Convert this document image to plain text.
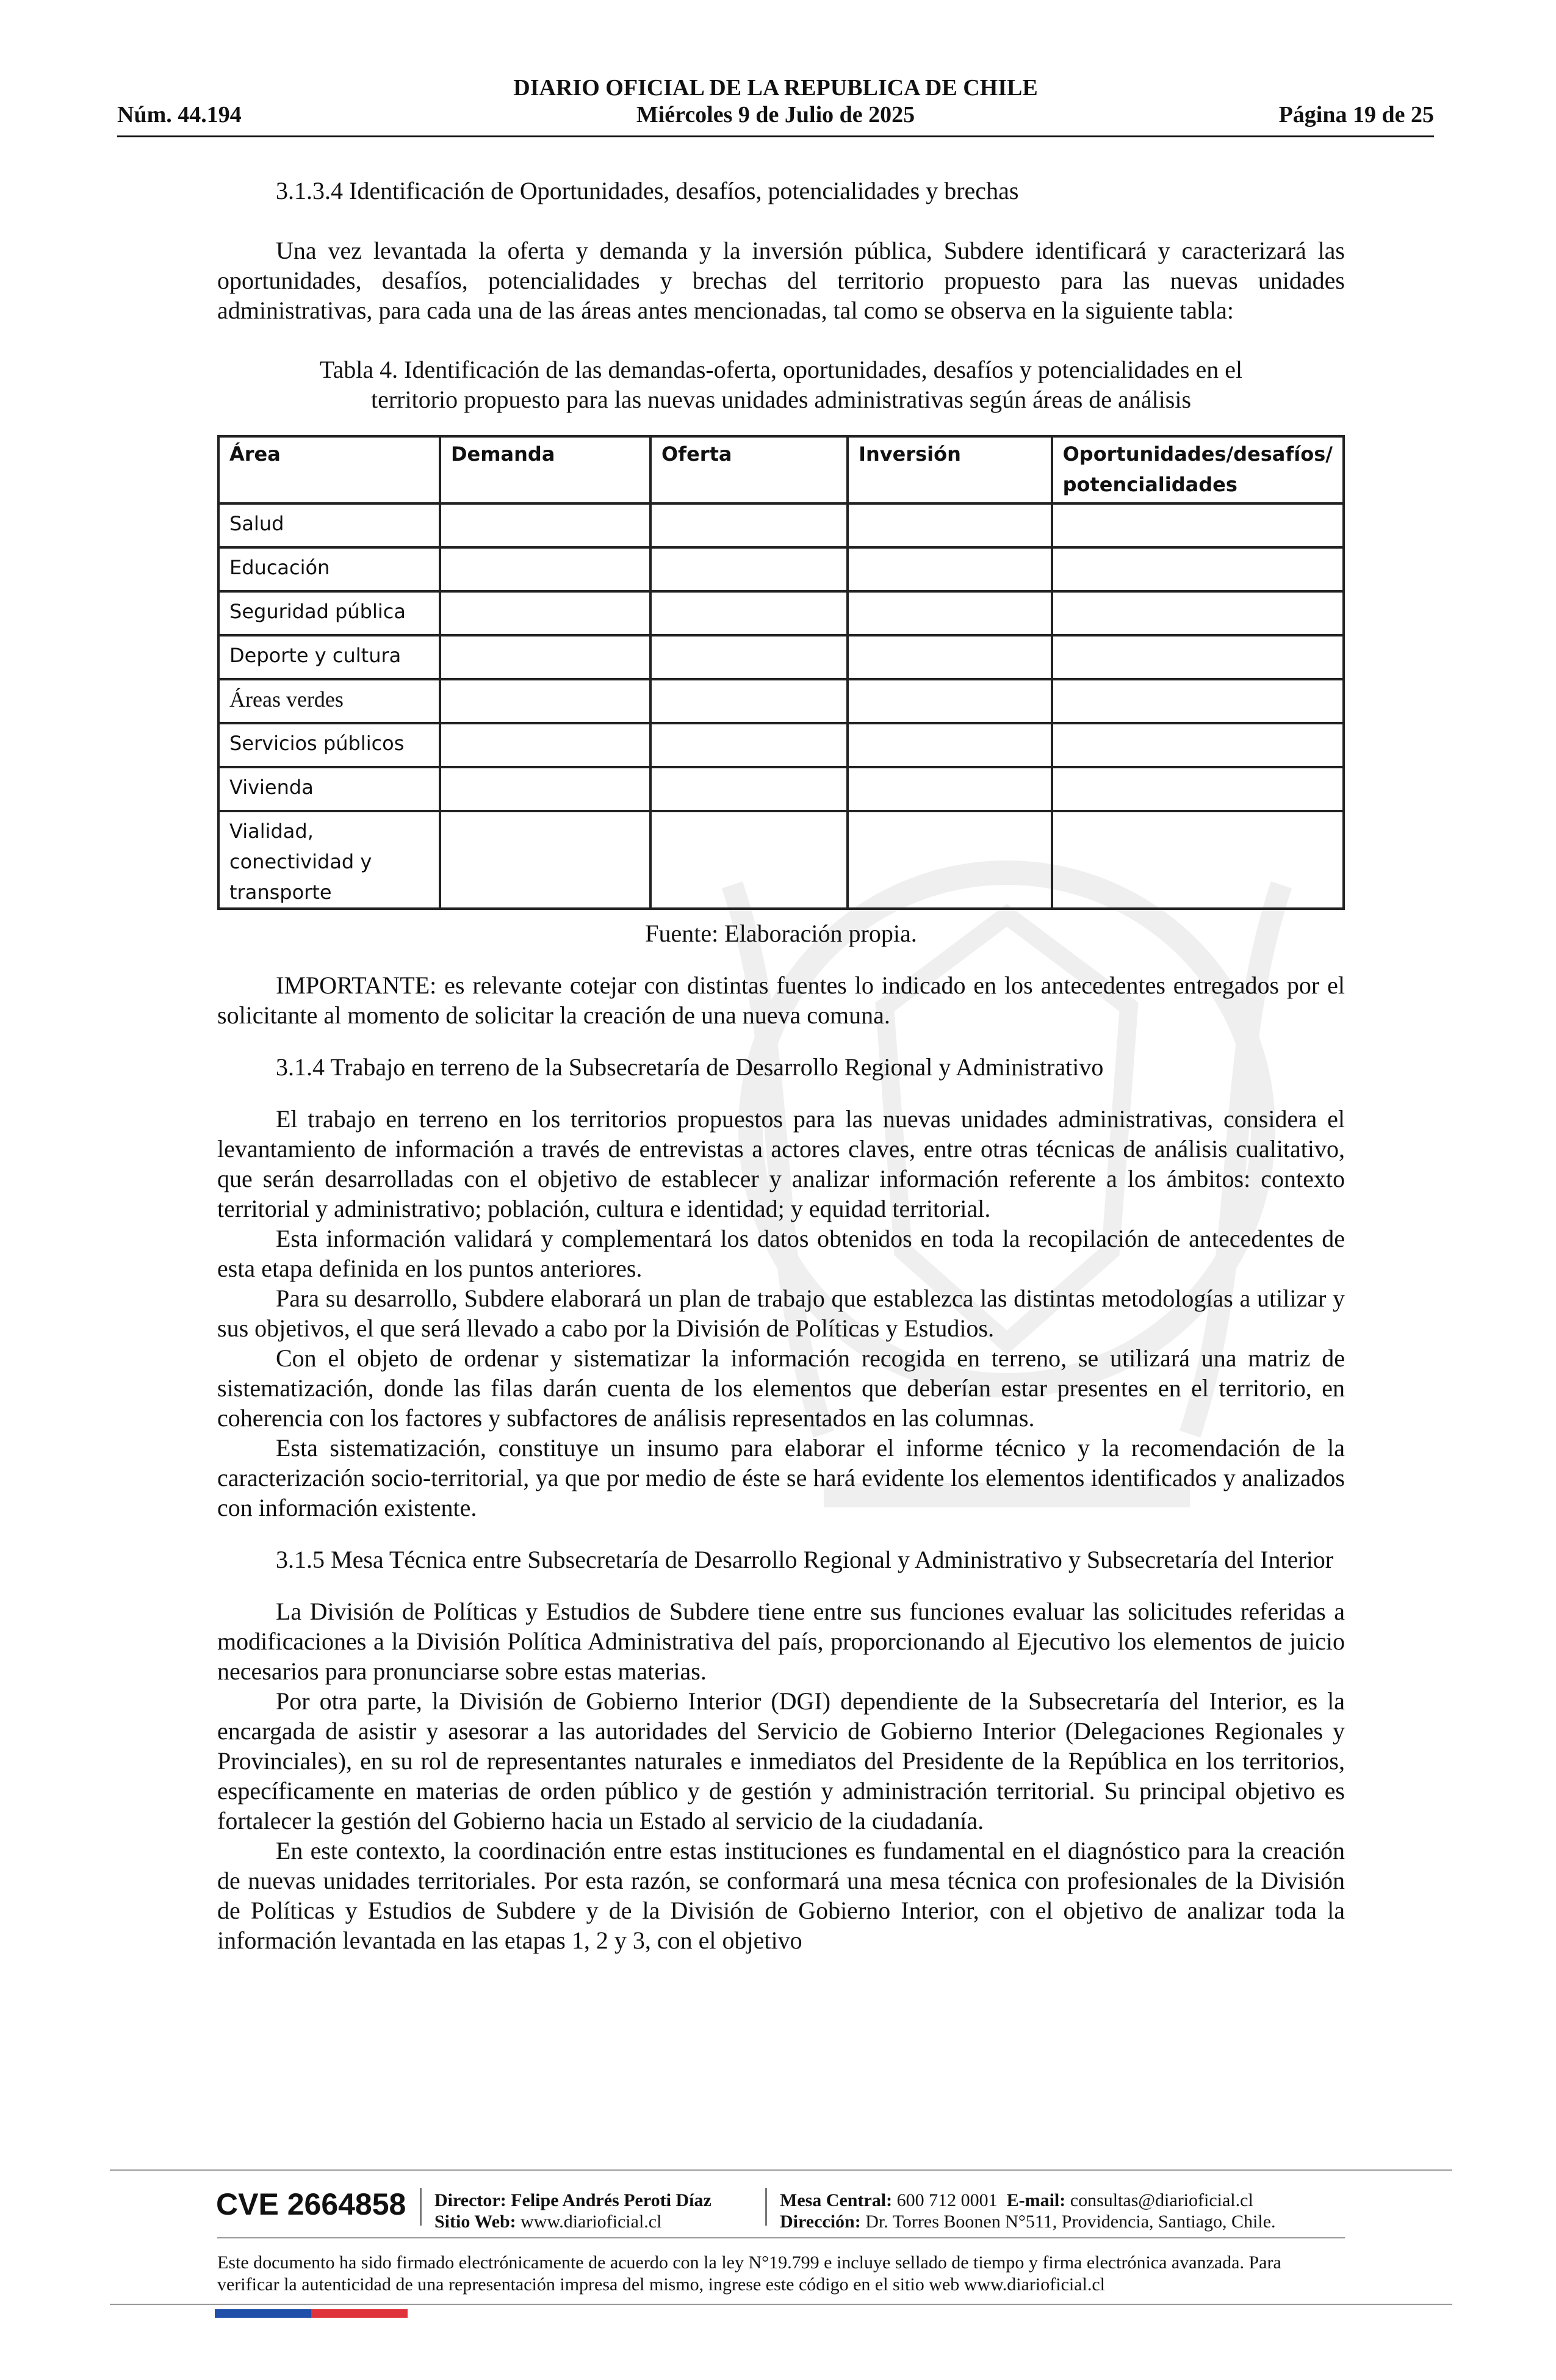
DIARIO OFICIAL DE LA REPUBLICA DE CHILE
Miércoles 9 de Julio de 2025
Núm. 44.194	Página 19 de 25

3.1.3.4 Identificación de Oportunidades, desafíos, potencialidades y brechas

Una vez levantada la oferta y demanda y la inversión pública, Subdere identificará y caracterizará las oportunidades, desafíos, potencialidades y brechas del territorio propuesto para las nuevas unidades administrativas, para cada una de las áreas antes mencionadas, tal como se observa en la siguiente tabla:

Tabla 4. Identificación de las demandas-oferta, oportunidades, desafíos y potencialidades en el
territorio propuesto para las nuevas unidades administrativas según áreas de análisis
Área	Demanda	Oferta	Inversión	Oportunidades/desafíos/ potencialidades
Salud				
Educación				
Seguridad pública				
Deporte y cultura				
Áreas verdes				
Servicios públicos				
Vivienda				
Vialidad, conectividad y transporte				

Fuente: Elaboración propia.

IMPORTANTE: es relevante cotejar con distintas fuentes lo indicado en los antecedentes entregados por el solicitante al momento de solicitar la creación de una nueva comuna.

3.1.4 Trabajo en terreno de la Subsecretaría de Desarrollo Regional y Administrativo

El trabajo en terreno en los territorios propuestos para las nuevas unidades administrativas, considera el levantamiento de información a través de entrevistas a actores claves, entre otras técnicas de análisis cualitativo, que serán desarrolladas con el objetivo de establecer y analizar información referente a los ámbitos: contexto territorial y administrativo; población, cultura e identidad; y equidad territorial.

Esta información validará y complementará los datos obtenidos en toda la recopilación de antecedentes de esta etapa definida en los puntos anteriores.

Para su desarrollo, Subdere elaborará un plan de trabajo que establezca las distintas metodologías a utilizar y sus objetivos, el que será llevado a cabo por la División de Políticas y Estudios.

Con el objeto de ordenar y sistematizar la información recogida en terreno, se utilizará una matriz de sistematización, donde las filas darán cuenta de los elementos que deberían estar presentes en el territorio, en coherencia con los factores y subfactores de análisis representados en las columnas.

Esta sistematización, constituye un insumo para elaborar el informe técnico y la recomendación de la caracterización socio-territorial, ya que por medio de éste se hará evidente los elementos identificados y analizados con información existente.

3.1.5 Mesa Técnica entre Subsecretaría de Desarrollo Regional y Administrativo y Subsecretaría del Interior

La División de Políticas y Estudios de Subdere tiene entre sus funciones evaluar las solicitudes referidas a modificaciones a la División Política Administrativa del país, proporcionando al Ejecutivo los elementos de juicio necesarios para pronunciarse sobre estas materias.

Por otra parte, la División de Gobierno Interior (DGI) dependiente de la Subsecretaría del Interior, es la encargada de asistir y asesorar a las autoridades del Servicio de Gobierno Interior (Delegaciones Regionales y Provinciales), en su rol de representantes naturales e inmediatos del Presidente de la República en los territorios, específicamente en materias de orden público y de gestión y administración territorial. Su principal objetivo es fortalecer la gestión del Gobierno hacia un Estado al servicio de la ciudadanía.

En este contexto, la coordinación entre estas instituciones es fundamental en el diagnóstico para la creación de nuevas unidades territoriales. Por esta razón, se conformará una mesa técnica con profesionales de la División de Políticas y Estudios de Subdere y de la División de Gobierno Interior, con el objetivo de analizar toda la información levantada en las etapas 1, 2 y 3, con el objetivo

CVE 2664858 Director: Felipe Andrés Peroti Díaz
Sitio Web: www.diarioficial.cl
Mesa Central: 600 712 0001 E-mail: consultas@diarioficial.cl
Dirección: Dr. Torres Boonen N°511, Providencia, Santiago, Chile.
Este documento ha sido firmado electrónicamente de acuerdo con la ley N°19.799 e incluye sellado de tiempo y firma electrónica avanzada. Para verificar la autenticidad de una representación impresa del mismo, ingrese este código en el sitio web www.diarioficial.cl
